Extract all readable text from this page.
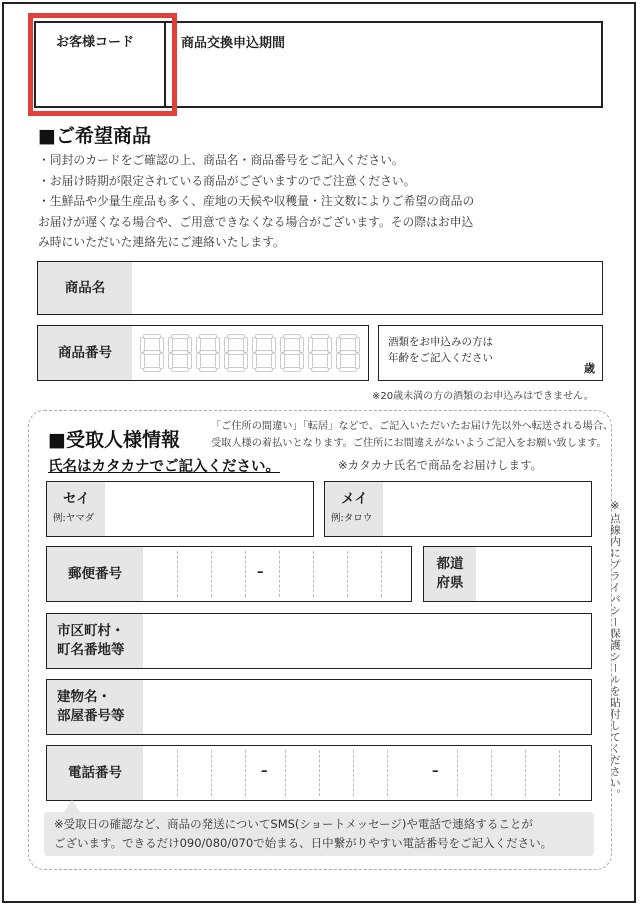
お客様コード	商品交換申込期間
■ご希望商品
・同封のカードをご確認の上、商品名・商品番号をご記入ください。
・お届け時期が限定されている商品がございますのでご注意ください。
・生鮮品や少量生産品も多く、産地の天候や収穫量・注文数によりご希望の商品の
お届けが遅くなる場合や、ご用意できなくなる場合がございます。その際はお申込
み時にいただいた連絡先にご連絡いたします。
商品名
商品番号
酒類をお申込みの方は
年齢をご記入ください
歳
※20歳未満の方の酒類のお申込みはできません。
■受取人様情報
「ご住所の間違い」「転居」などで、ご記入いただいたお届け先以外へ転送される場合、
受取人様の着払いとなります。ご住所にお間違えがないようご記入をお願い致します。
氏名はカタカナでご記入ください。	※カタカナ氏名で商品をお届けします。
セイ
例:ヤマダ
メイ
例:タロウ
郵便番号	–
都道
府県
市区町村・
町名番地等
建物名・
部屋番号等
電話番号	–	–	※点線内にプライバシー保護シールを貼付してください。
※受取日の確認など、商品の発送についてSMS(ショートメッセージ)や電話で連絡することが
ございます。できるだけ090/080/070で始まる、日中繋がりやすい電話番号をご記入ください。
